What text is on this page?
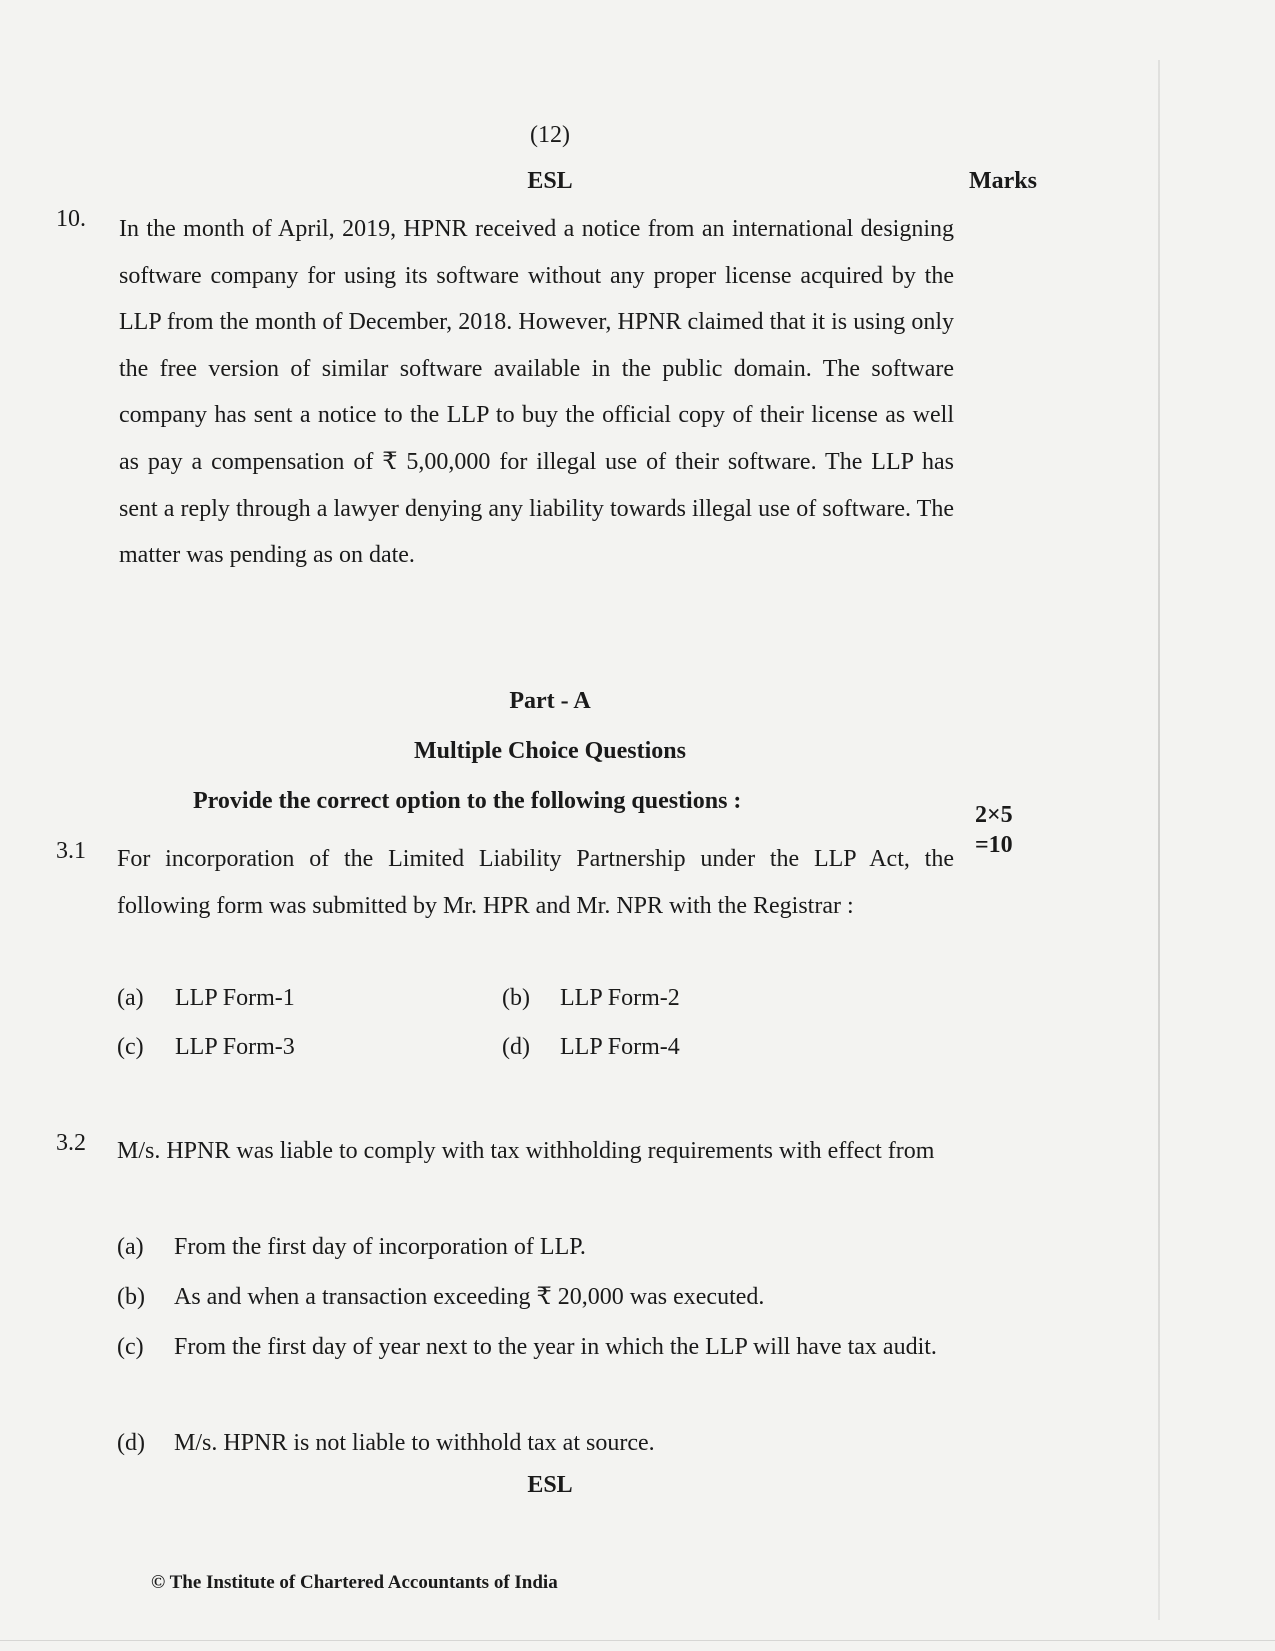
(12)
ESL	Marks
10. In the month of April, 2019, HPNR received a notice from an international designing software company for using its software without any proper license acquired by the LLP from the month of December, 2018. However, HPNR claimed that it is using only the free version of similar software available in the public domain. The software company has sent a notice to the LLP to buy the official copy of their license as well as pay a compensation of ₹ 5,00,000 for illegal use of their software. The LLP has sent a reply through a lawyer denying any liability towards illegal use of software. The matter was pending as on date.

Part - A
Multiple Choice Questions
Provide the correct option to the following questions :
2×5
=10
3.1 For incorporation of the Limited Liability Partnership under the LLP Act, the following form was submitted by Mr. HPR and Mr. NPR with the Registrar :

(a) LLP Form-1	(b) LLP Form-2
(c) LLP Form-3	(d) LLP Form-4
3.2 M/s. HPNR was liable to comply with tax withholding requirements with effect from

(a)	From the first day of incorporation of LLP.
(b)	As and when a transaction exceeding ₹ 20,000 was executed.
(c)	From the first day of year next to the year in which the LLP will have tax audit.
(d)	M/s. HPNR is not liable to withhold tax at source.
ESL
© The Institute of Chartered Accountants of India
